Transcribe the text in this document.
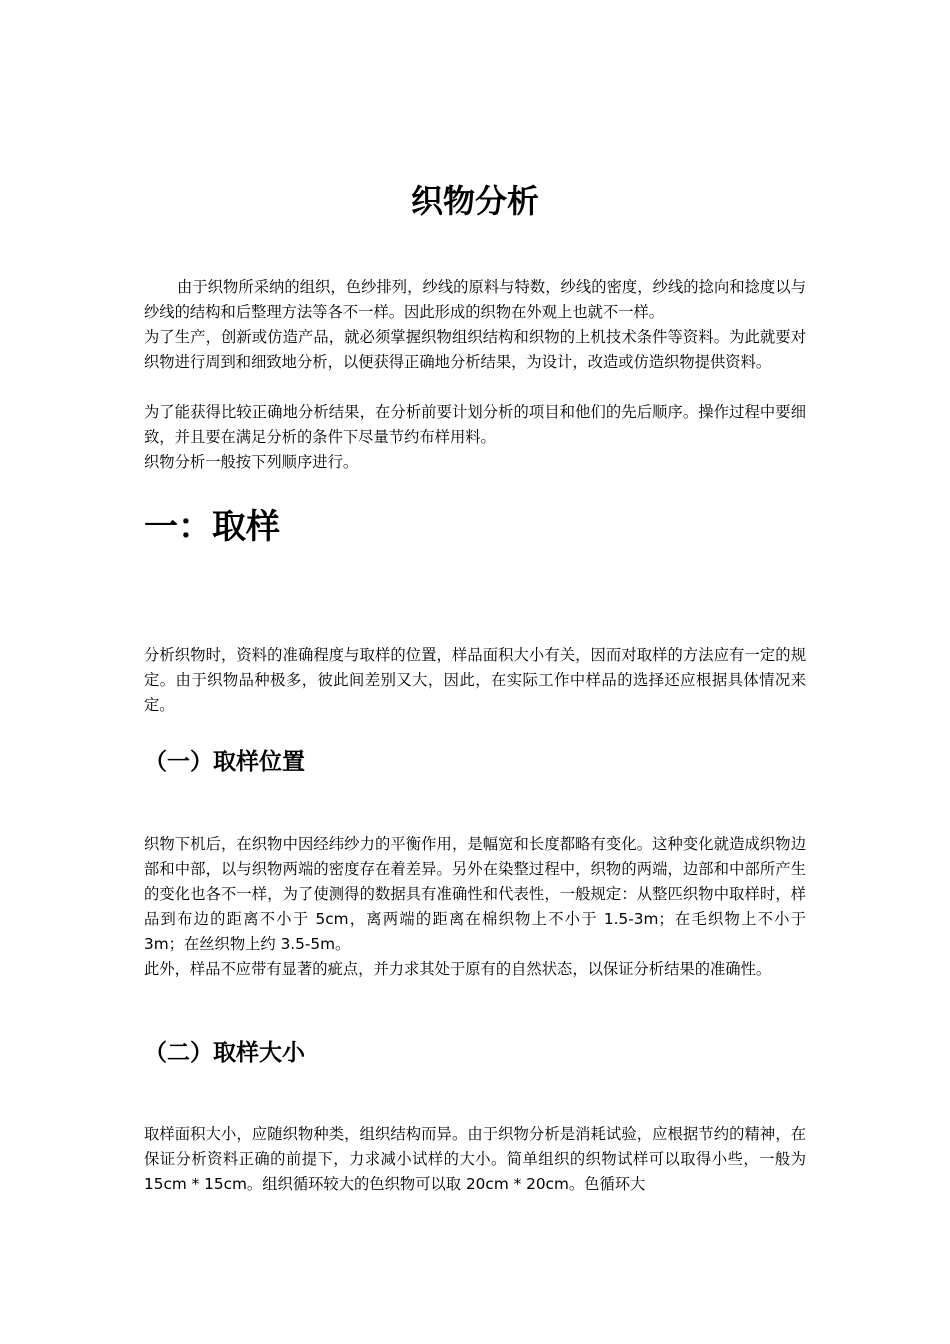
织物分析

由于织物所采纳的组织，色纱排列，纱线的原料与特数，纱线的密度，纱线的捻向和捻度以与纱线的结构和后整理方法等各不一样。因此形成的织物在外观上也就不一样。

为了生产，创新或仿造产品，就必须掌握织物组织结构和织物的上机技术条件等资料。为此就要对织物进行周到和细致地分析，以便获得正确地分析结果，为设计，改造或仿造织物提供资料。

为了能获得比较正确地分析结果，在分析前要计划分析的项目和他们的先后顺序。操作过程中要细致，并且要在满足分析的条件下尽量节约布样用料。

织物分析一般按下列顺序进行。

一：取样

分析织物时，资料的准确程度与取样的位置，样品面积大小有关，因而对取样的方法应有一定的规定。由于织物品种极多，彼此间差别又大，因此，在实际工作中样品的选择还应根据具体情况来定。

（一）取样位置

织物下机后，在织物中因经纬纱力的平衡作用，是幅宽和长度都略有变化。这种变化就造成织物边部和中部，以与织物两端的密度存在着差异。另外在染整过程中，织物的两端，边部和中部所产生的变化也各不一样，为了使测得的数据具有准确性和代表性，一般规定：从整匹织物中取样时，样品到布边的距离不小于 5cm，离两端的距离在棉织物上不小于 1.5-3m；在毛织物上不小于 3m；在丝织物上约 3.5-5m。

此外，样品不应带有显著的疵点，并力求其处于原有的自然状态，以保证分析结果的准确性。

（二）取样大小

取样面积大小，应随织物种类，组织结构而异。由于织物分析是消耗试验，应根据节约的精神，在保证分析资料正确的前提下，力求减小试样的大小。简单组织的织物试样可以取得小些，一般为 15cm * 15cm。组织循环较大的色织物可以取 20cm * 20cm。色循环大
